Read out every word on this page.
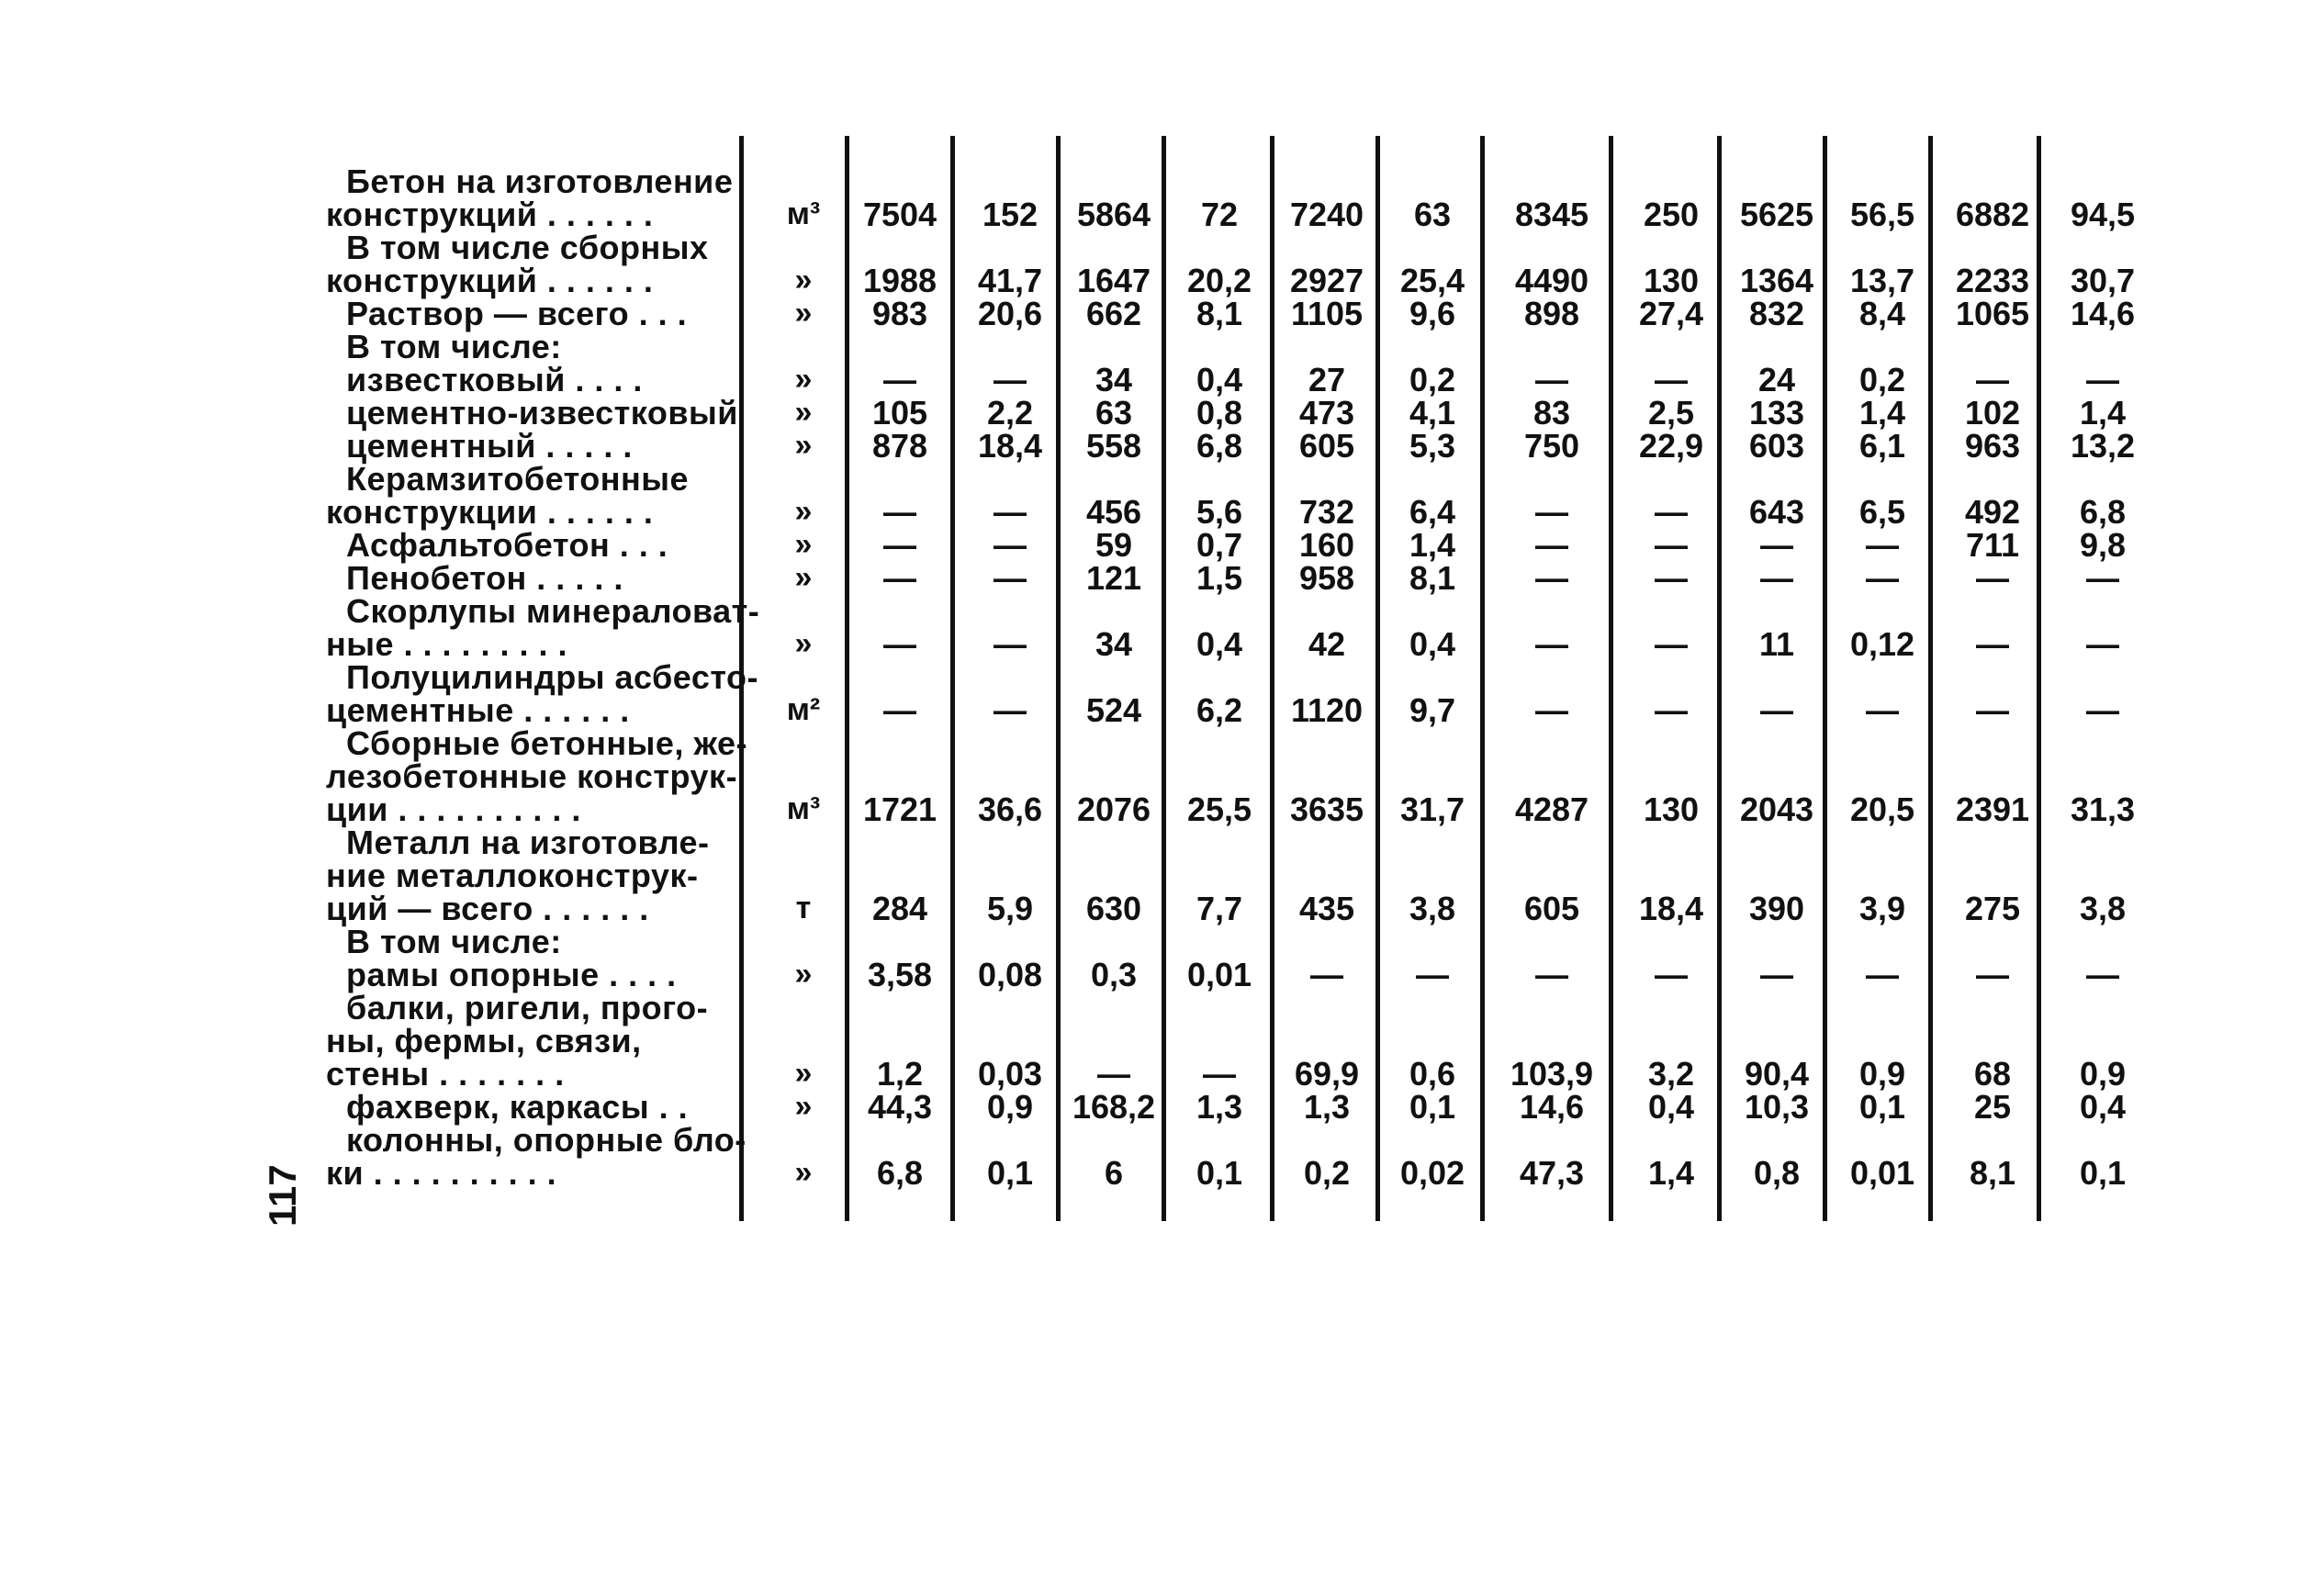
117
Бетон на изготовление
конструкций . . . . . .	м³	7504	152	5864	72	7240	63	8345	250	5625	56,5	6882	94,5
В том числе сборных
конструкций . . . . . .	»	1988	41,7	1647	20,2	2927	25,4	4490	130	1364	13,7	2233	30,7
Раствор — всего . . .	»	983	20,6	662	8,1	1105	9,6	898	27,4	832	8,4	1065	14,6
В том числе:
известковый . . . .	»	—	—	34	0,4	27	0,2	—	—	24	0,2	—	—
цементно-известковый	»	105	2,2	63	0,8	473	4,1	83	2,5	133	1,4	102	1,4
цементный . . . . .	»	878	18,4	558	6,8	605	5,3	750	22,9	603	6,1	963	13,2
Керамзитобетонные
конструкции . . . . . .	»	—	—	456	5,6	732	6,4	—	—	643	6,5	492	6,8
Асфальтобетон . . .	»	—	—	59	0,7	160	1,4	—	—	—	—	711	9,8
Пенобетон . . . . .	»	—	—	121	1,5	958	8,1	—	—	—	—	—	—
Скорлупы минераловат-
ные . . . . . . . . .	»	—	—	34	0,4	42	0,4	—	—	11	0,12	—	—
Полуцилиндры асбесто-
цементные . . . . . .	м²	—	—	524	6,2	1120	9,7	—	—	—	—	—	—
Сборные бетонные, же-
лезобетонные конструк-
ции . . . . . . . . . .	м³	1721	36,6	2076	25,5	3635	31,7	4287	130	2043	20,5	2391	31,3
Металл на изготовле-
ние металлоконструк-
ций — всего . . . . . .	т	284	5,9	630	7,7	435	3,8	605	18,4	390	3,9	275	3,8
В том числе:
рамы опорные . . . .	»	3,58	0,08	0,3	0,01	—	—	—	—	—	—	—	—
балки, ригели, прого-
ны, фермы, связи,
стены . . . . . . .	»	1,2	0,03	—	—	69,9	0,6	103,9	3,2	90,4	0,9	68	0,9
фахверк, каркасы . .	»	44,3	0,9	168,2	1,3	1,3	0,1	14,6	0,4	10,3	0,1	25	0,4
колонны, опорные бло-
ки . . . . . . . . . .	»	6,8	0,1	6	0,1	0,2	0,02	47,3	1,4	0,8	0,01	8,1	0,1
